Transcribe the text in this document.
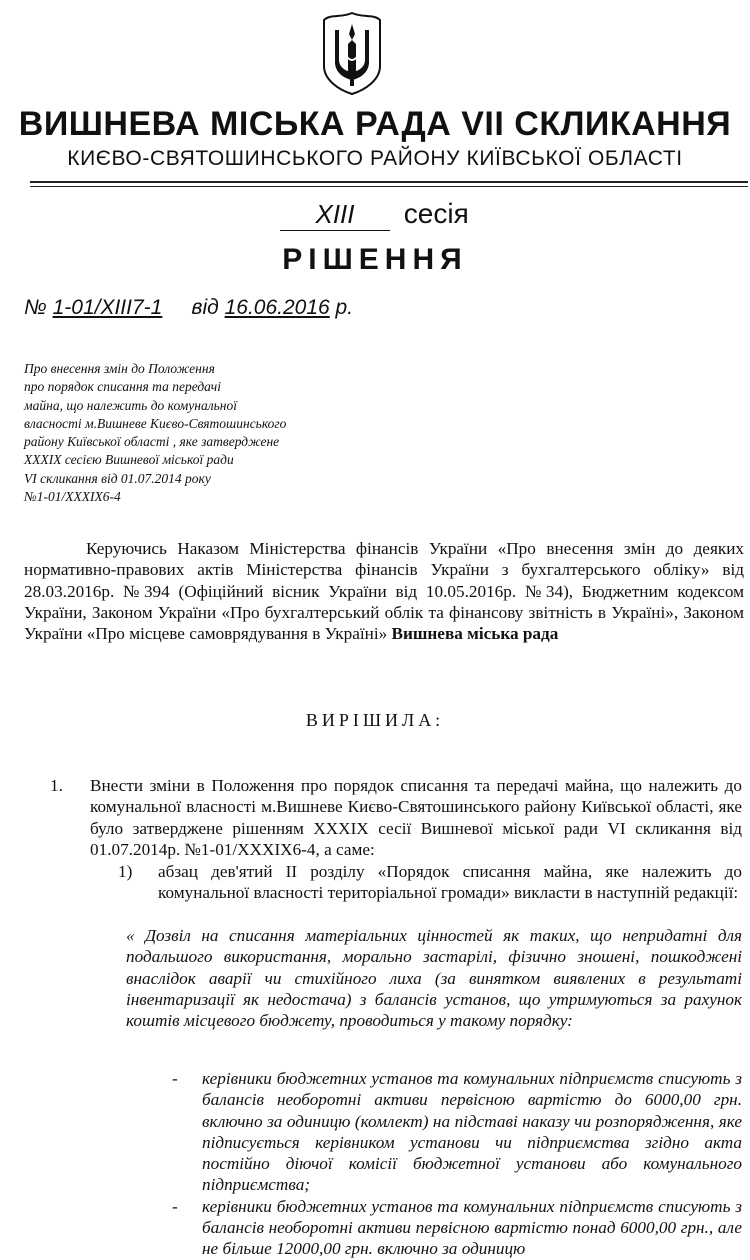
ВИШНЕВА МІСЬКА РАДА VII СКЛИКАННЯ
КИЄВО-СВЯТОШИНСЬКОГО РАЙОНУ КИЇВСЬКОЇ ОБЛАСТІ
XIII сесія
РІШЕННЯ
№ 1-01/XIII7-1 від 16.06.2016 р.
Про внесення змін до Положення
про порядок списання та передачі
майна, що належить до комунальної
власності м.Вишневе Києво-Святошинського
району Київської області , яке затверджене
XXXIX сесією Вишневої міської ради
VI скликання від 01.07.2014 року
№1-01/XXXIX6-4
Керуючись Наказом Міністерства фінансів України «Про внесення змін до деяких нормативно-правових актів Міністерства фінансів України з бухгалтерського обліку» від 28.03.2016р. №394 (Офіційний вісник України від 10.05.2016р. №34), Бюджетним кодексом України, Законом України «Про бухгалтерський облік та фінансову звітність в Україні», Законом України «Про місцеве самоврядування в Україні» Вишнева міська рада
ВИРІШИЛА:
1. Внести зміни в Положення про порядок списання та передачі майна, що належить до комунальної власності м.Вишневе Києво-Святошинського району Київської області, яке було затверджене рішенням XXXIX сесії Вишневої міської ради VI скликання від 01.07.2014р. №1-01/XXXIX6-4, а саме:
1) абзац дев'ятий ІІ розділу «Порядок списання майна, яке належить до комунальної власності територіальної громади» викласти в наступній редакції:
« Дозвіл на списання матеріальних цінностей як таких, що непридатні для подальшого використання, морально застарілі, фізично зношені, пошкоджені внаслідок аварії чи стихійного лиха (за винятком виявлених в результаті інвентаризації як недостача) з балансів установ, що утримуються за рахунок коштів місцевого бюджету, проводиться у такому порядку:
- керівники бюджетних установ та комунальних підприємств списують з балансів необоротні активи первісною вартістю до 6000,00 грн. включно за одиницю (комлект) на підставі наказу чи розпорядження, яке підписується керівником установи чи підприємства згідно акта постійно діючої комісії бюджетної установи або комунального підприємства;
- керівники бюджетних установ та комунальних підприємств списують з балансів необоротні активи первісною вартістю понад 6000,00 грн., але не більше 12000,00 грн. включно за одиницю
